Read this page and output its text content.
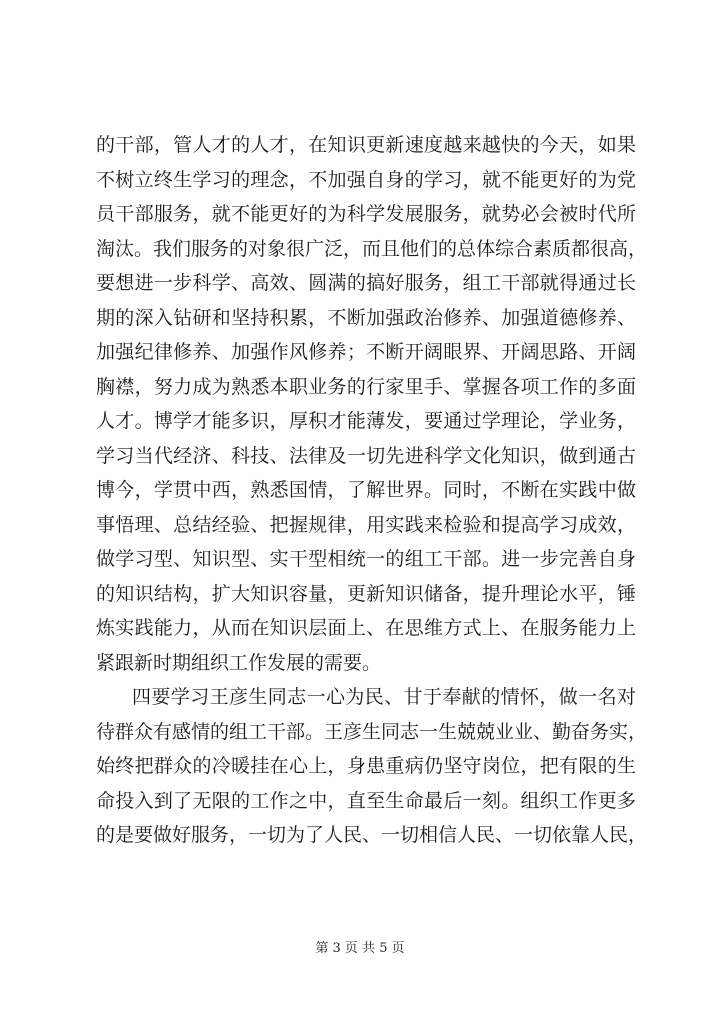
的干部，管人才的人才，在知识更新速度越来越快的今天，如果
不树立终生学习的理念，不加强自身的学习，就不能更好的为党
员干部服务，就不能更好的为科学发展服务，就势必会被时代所
淘汰。我们服务的对象很广泛，而且他们的总体综合素质都很高，
要想进一步科学、高效、圆满的搞好服务，组工干部就得通过长
期的深入钻研和坚持积累，不断加强政治修养、加强道德修养、
加强纪律修养、加强作风修养；不断开阔眼界、开阔思路、开阔
胸襟，努力成为熟悉本职业务的行家里手、掌握各项工作的多面
人才。博学才能多识，厚积才能薄发，要通过学理论，学业务，
学习当代经济、科技、法律及一切先进科学文化知识，做到通古
博今，学贯中西，熟悉国情，了解世界。同时，不断在实践中做
事悟理、总结经验、把握规律，用实践来检验和提高学习成效，
做学习型、知识型、实干型相统一的组工干部。进一步完善自身
的知识结构，扩大知识容量，更新知识储备，提升理论水平，锤
炼实践能力，从而在知识层面上、在思维方式上、在服务能力上
紧跟新时期组织工作发展的需要。
四要学习王彦生同志一心为民、甘于奉献的情怀，做一名对
待群众有感情的组工干部。王彦生同志一生兢兢业业、勤奋务实，
始终把群众的冷暖挂在心上，身患重病仍坚守岗位，把有限的生
命投入到了无限的工作之中，直至生命最后一刻。组织工作更多
的是要做好服务，一切为了人民、一切相信人民、一切依靠人民，
第 3 页 共 5 页
